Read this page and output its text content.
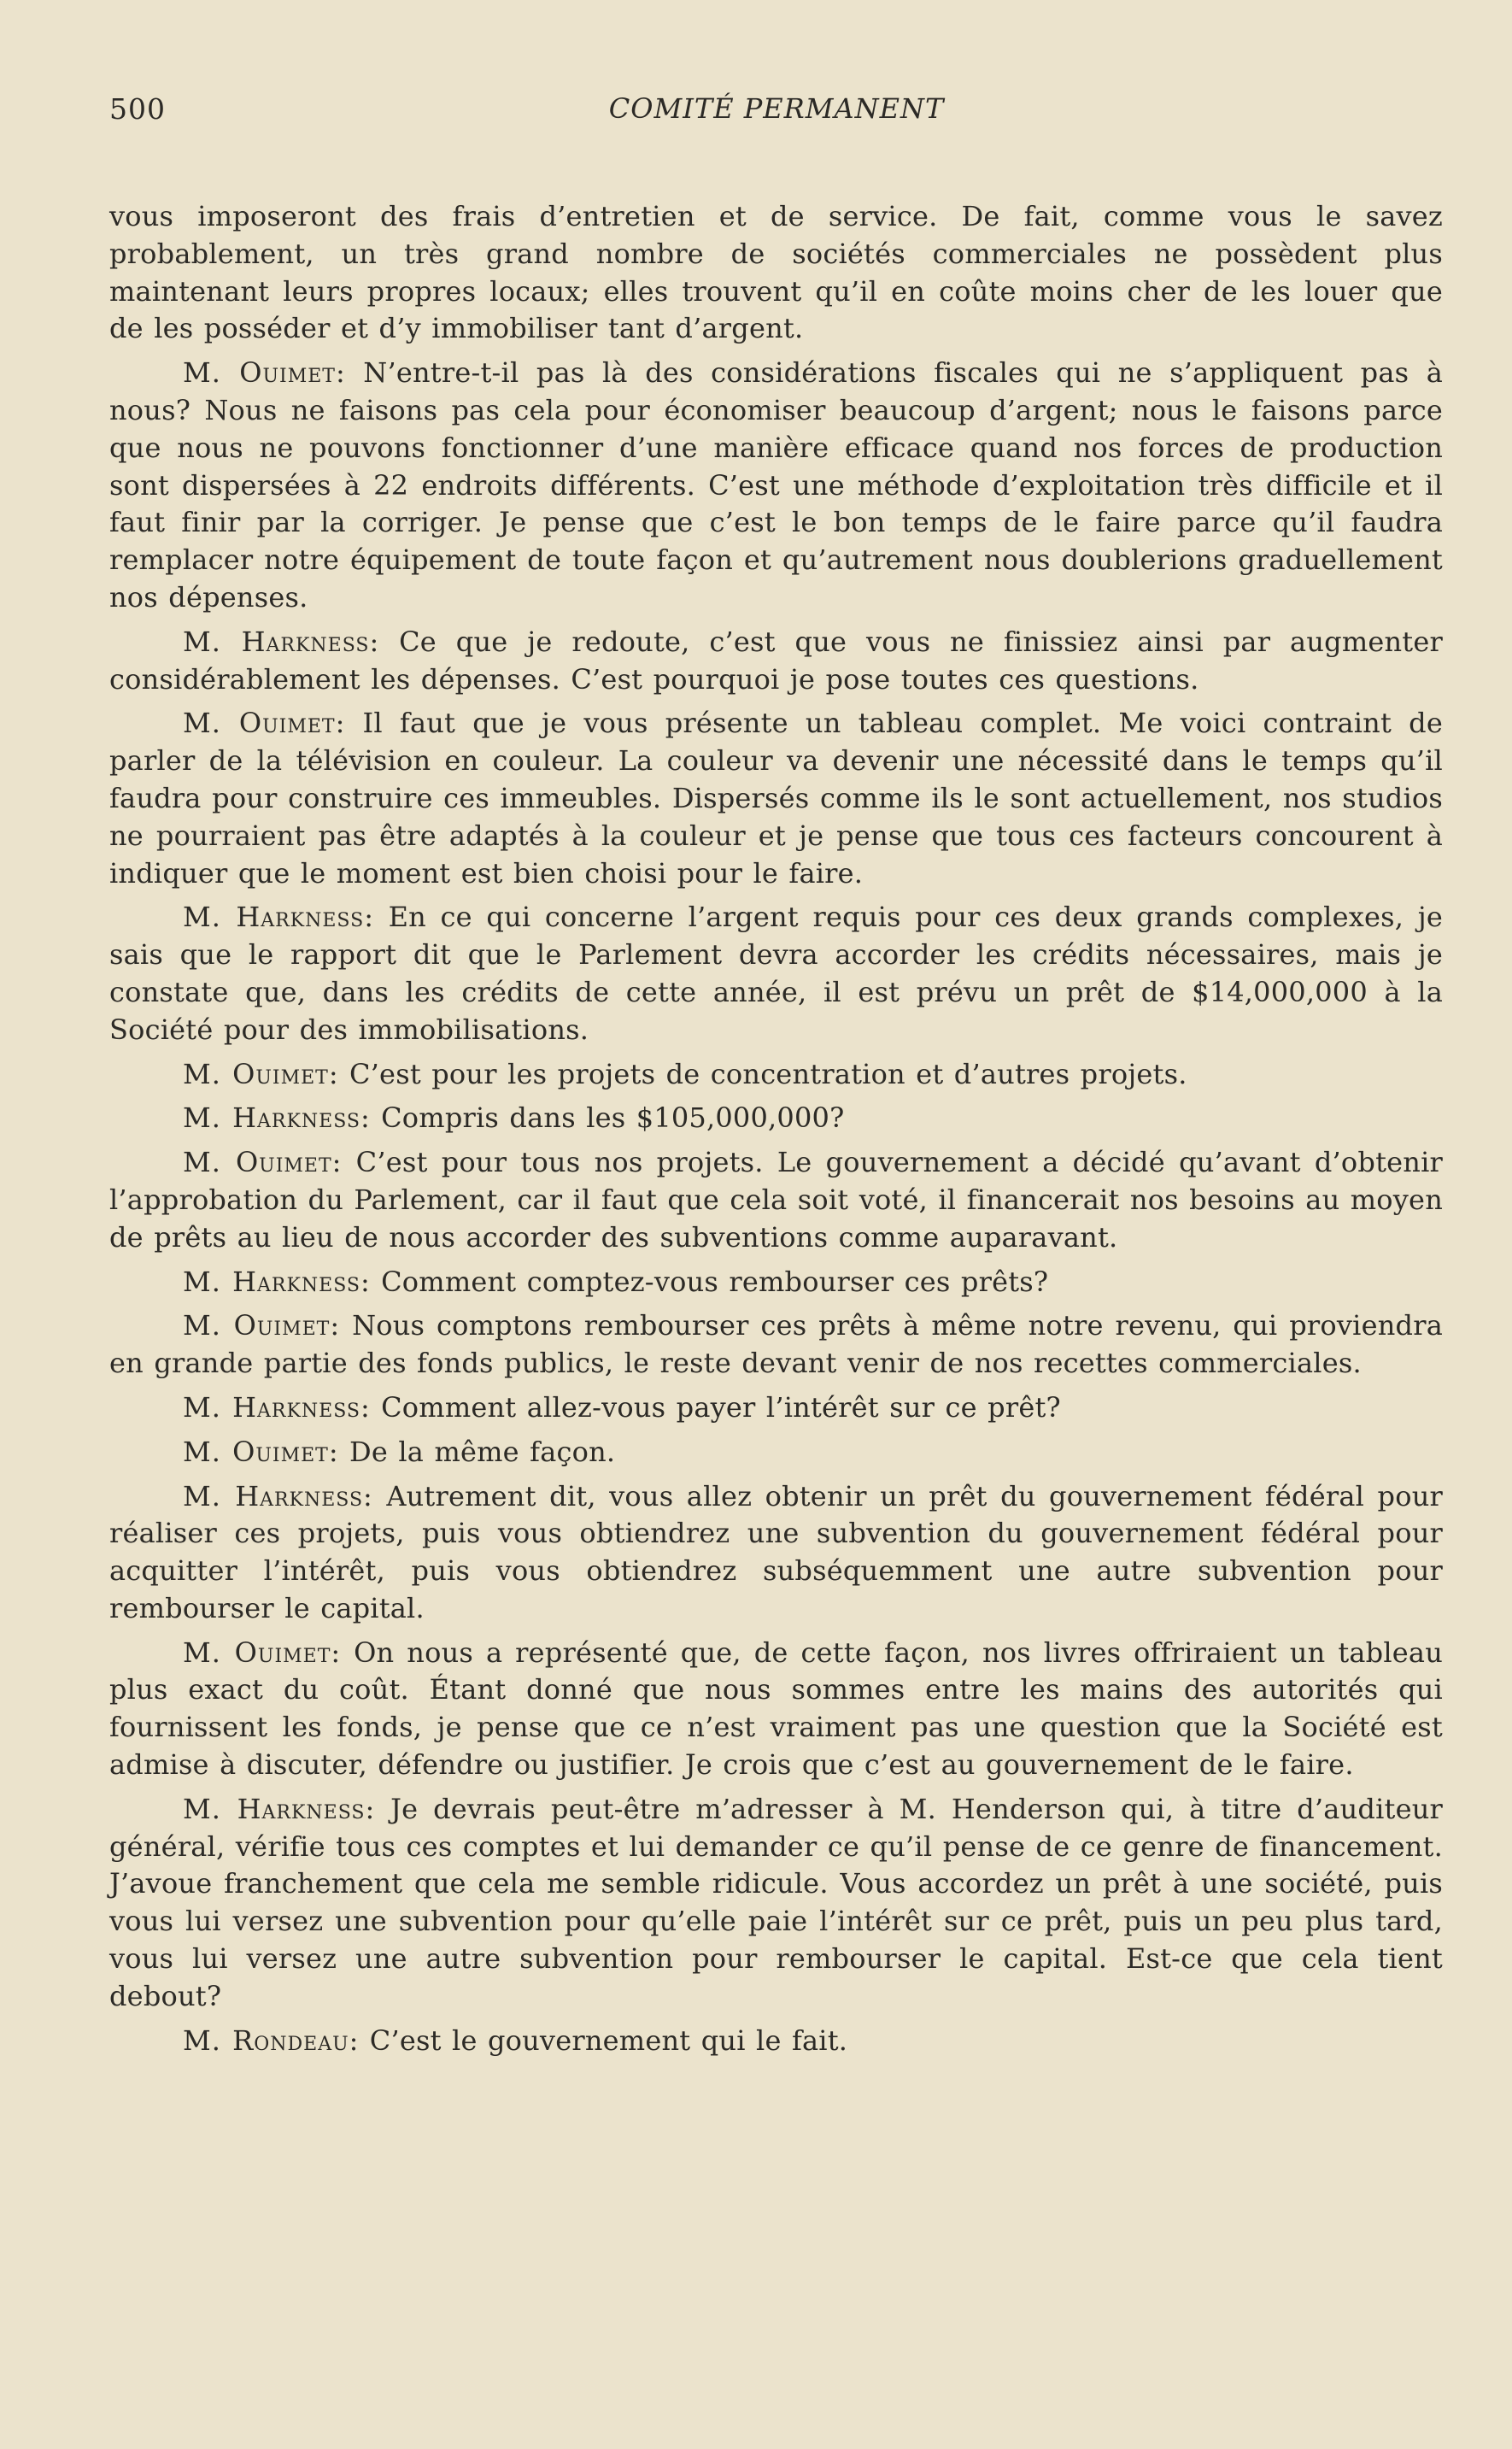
500	COMITÉ PERMANENT

vous imposeront des frais d’entretien et de service. De fait, comme vous le savez probablement, un très grand nombre de sociétés commerciales ne possèdent plus maintenant leurs propres locaux; elles trouvent qu’il en coûte moins cher de les louer que de les posséder et d’y immobiliser tant d’argent.

M. Ouimet: N’entre-t-il pas là des considérations fiscales qui ne s’appliquent pas à nous? Nous ne faisons pas cela pour économiser beaucoup d’argent; nous le faisons parce que nous ne pouvons fonctionner d’une manière efficace quand nos forces de production sont dispersées à 22 endroits différents. C’est une méthode d’exploitation très difficile et il faut finir par la corriger. Je pense que c’est le bon temps de le faire parce qu’il faudra remplacer notre équipement de toute façon et qu’autrement nous doublerions graduellement nos dépenses.

M. Harkness: Ce que je redoute, c’est que vous ne finissiez ainsi par augmenter considérablement les dépenses. C’est pourquoi je pose toutes ces questions.

M. Ouimet: Il faut que je vous présente un tableau complet. Me voici contraint de parler de la télévision en couleur. La couleur va devenir une nécessité dans le temps qu’il faudra pour construire ces immeubles. Dispersés comme ils le sont actuellement, nos studios ne pourraient pas être adaptés à la couleur et je pense que tous ces facteurs concourent à indiquer que le moment est bien choisi pour le faire.

M. Harkness: En ce qui concerne l’argent requis pour ces deux grands complexes, je sais que le rapport dit que le Parlement devra accorder les crédits nécessaires, mais je constate que, dans les crédits de cette année, il est prévu un prêt de $14,000,000 à la Société pour des immobilisations.

M. Ouimet: C’est pour les projets de concentration et d’autres projets.

M. Harkness: Compris dans les $105,000,000?

M. Ouimet: C’est pour tous nos projets. Le gouvernement a décidé qu’avant d’obtenir l’approbation du Parlement, car il faut que cela soit voté, il financerait nos besoins au moyen de prêts au lieu de nous accorder des subventions comme auparavant.

M. Harkness: Comment comptez-vous rembourser ces prêts?

M. Ouimet: Nous comptons rembourser ces prêts à même notre revenu, qui proviendra en grande partie des fonds publics, le reste devant venir de nos recettes commerciales.

M. Harkness: Comment allez-vous payer l’intérêt sur ce prêt?

M. Ouimet: De la même façon.

M. Harkness: Autrement dit, vous allez obtenir un prêt du gouvernement fédéral pour réaliser ces projets, puis vous obtiendrez une subvention du gouvernement fédéral pour acquitter l’intérêt, puis vous obtiendrez subséquemment une autre subvention pour rembourser le capital.

M. Ouimet: On nous a représenté que, de cette façon, nos livres offriraient un tableau plus exact du coût. Étant donné que nous sommes entre les mains des autorités qui fournissent les fonds, je pense que ce n’est vraiment pas une question que la Société est admise à discuter, défendre ou justifier. Je crois que c’est au gouvernement de le faire.

M. Harkness: Je devrais peut-être m’adresser à M. Henderson qui, à titre d’auditeur général, vérifie tous ces comptes et lui demander ce qu’il pense de ce genre de financement. J’avoue franchement que cela me semble ridicule. Vous accordez un prêt à une société, puis vous lui versez une subvention pour qu’elle paie l’intérêt sur ce prêt, puis un peu plus tard, vous lui versez une autre subvention pour rembourser le capital. Est-ce que cela tient debout?

M. Rondeau: C’est le gouvernement qui le fait.
